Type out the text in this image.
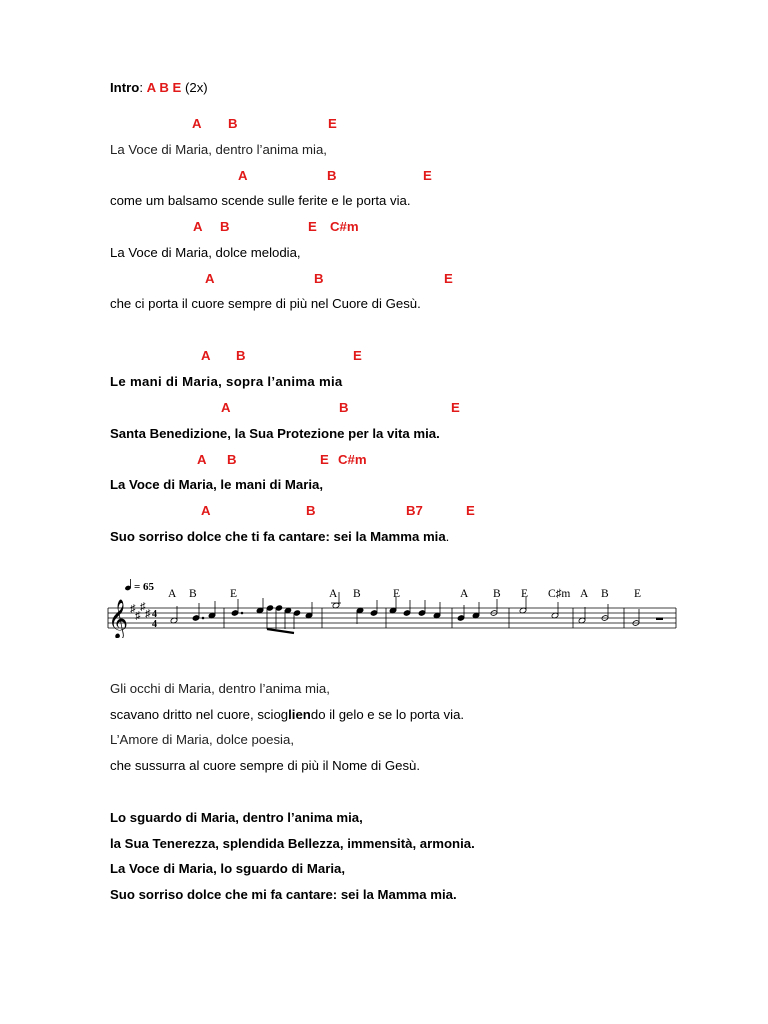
Intro: A B E (2x)
A B	E
La Voce di Maria, dentro l’anima mia,
A	B	E
come um balsamo scende sulle ferite e le porta via.
A B	E C#m
La Voce di Maria, dolce melodia,
A	B	E
che ci porta il cuore sempre di più nel Cuore di Gesù.
A B	E
Le mani di Maria, sopra l’anima mia
A	B	E
Santa Benedizione, la Sua Protezione per la vita mia.
A B	E C#m
La Voce di Maria, le mani di Maria,
A	B	B7	E
Suo sorriso dolce che ti fa cantare: sei la Mamma mia.
= 65
A B	E	A B	E	A B E C♯m A B E
𝄞 ♯
♯
♯
♯ 4
4
Gli occhi di Maria, dentro l’anima mia,
scavano dritto nel cuore, sciogliendo il gelo e se lo porta via.
L’Amore di Maria, dolce poesia,
che sussurra al cuore sempre di più il Nome di Gesù.
Lo sguardo di Maria, dentro l’anima mia,
la Sua Tenerezza, splendida Bellezza, immensità, armonia.
La Voce di Maria, lo sguardo di Maria,
Suo sorriso dolce che mi fa cantare: sei la Mamma mia.
